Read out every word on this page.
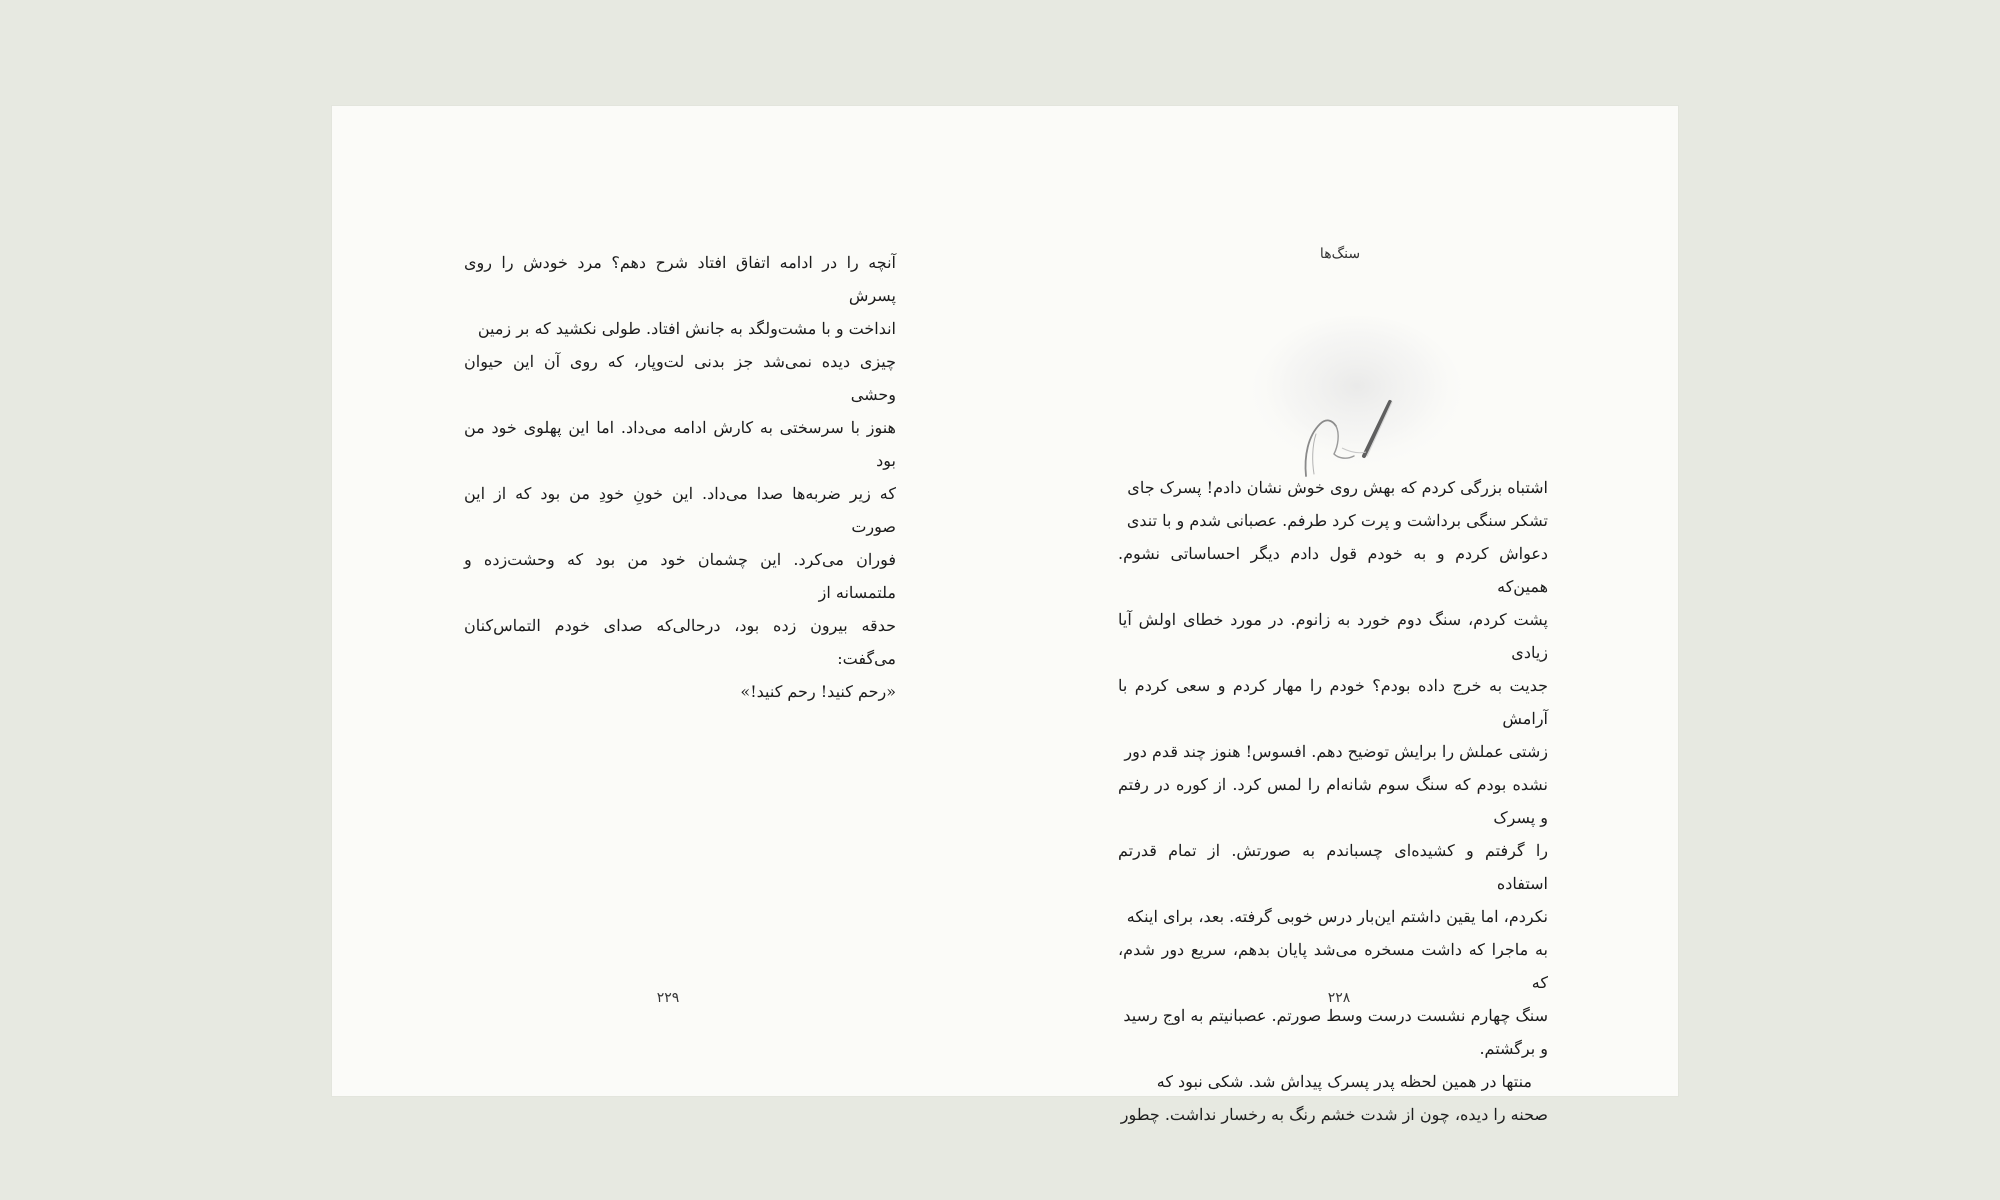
آنچه را در ادامه اتفاق افتاد شرح دهم؟ مرد خودش را روی پسرش

انداخت و با مشت‌ولگد به جانش افتاد. طولی نکشید که بر زمین

چیزی دیده نمی‌شد جز بدنی لت‌وپار، که روی آن این حیوان وحشی

هنوز با سرسختی به کارش ادامه می‌داد. اما این پهلوی خود من بود

که زیر ضربه‌ها صدا می‌داد. این خونِ خودِ من بود که از این صورت

فوران می‌کرد. این چشمان خود من بود که وحشت‌زده و ملتمسانه از

حدقه بیرون زده بود، درحالی‌که صدای خودم التماس‌کنان می‌گفت:

«رحم کنید! رحم کنید!»

۲۲۹
سنگ‌ها

اشتباه بزرگی کردم که بهش روی خوش نشان دادم! پسرک جای

تشکر سنگی برداشت و پرت کرد طرفم. عصبانی شدم و با تندی

دعواش کردم و به خودم قول دادم دیگر احساساتی نشوم. همین‌که

پشت کردم، سنگ دوم خورد به زانوم. در مورد خطای اولش آیا زیادی

جدیت به خرج داده بودم؟ خودم را مهار کردم و سعی کردم با آرامش

زشتی عملش را برایش توضیح دهم. افسوس! هنوز چند قدم دور

نشده بودم که سنگ سوم شانه‌ام را لمس کرد. از کوره در رفتم و پسرک

را گرفتم و کشیده‌ای چسباندم به صورتش. از تمام قدرتم استفاده

نکردم، اما یقین داشتم این‌بار درس خوبی گرفته. بعد، برای اینکه

به ماجرا که داشت مسخره می‌شد پایان بدهم، سریع دور شدم، که

سنگ چهارم نشست درست وسط صورتم. عصبانیتم به اوج رسید

و برگشتم.

منتها در همین لحظه پدر پسرک پیداش شد. شکی نبود که

صحنه را دیده، چون از شدت خشم رنگ به رخسار نداشت. چطور

۲۲۸
